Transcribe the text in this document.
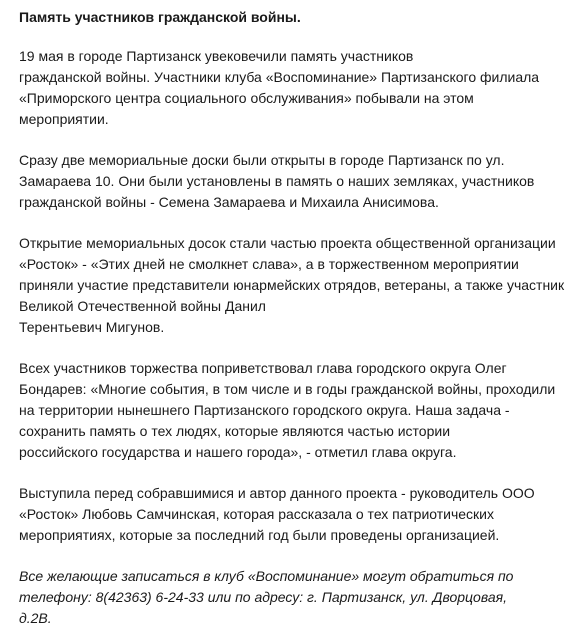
Память участников гражданской войны.
19 мая в городе Партизанск увековечили память участников
гражданской войны. Участники клуба «Воспоминание» Партизанского филиала
«Приморского центра социального обслуживания» побывали на этом
мероприятии.
Сразу две мемориальные доски были открыты в городе Партизанск по ул.
Замараева 10. Они были установлены в память о наших земляках, участников
гражданской войны - Семена Замараева и Михаила Анисимова.
Открытие мемориальных досок стали частью проекта общественной организации
«Росток» - «Этих дней не смолкнет слава», а в торжественном мероприятии
приняли участие представители юнармейских отрядов, ветераны, а также участник
Великой Отечественной войны Данил
Терентьевич Мигунов.
Всех участников торжества поприветствовал глава городского округа Олег
Бондарев: «Многие события, в том числе и в годы гражданской войны, проходили
на территории нынешнего Партизанского городского округа. Наша задача -
сохранить память о тех людях, которые являются частью истории
российского государства и нашего города», - отметил глава округа.
Выступила перед собравшимися и автор данного проекта - руководитель ООО
«Росток» Любовь Самчинская, которая рассказала о тех патриотических
мероприятиях, которые за последний год были проведены организацией.
Все желающие записаться в клуб «Воспоминание» могут обратиться по
телефону: 8(42363) 6-24-33 или по адресу: г. Партизанск, ул. Дворцовая,
д.2В.
